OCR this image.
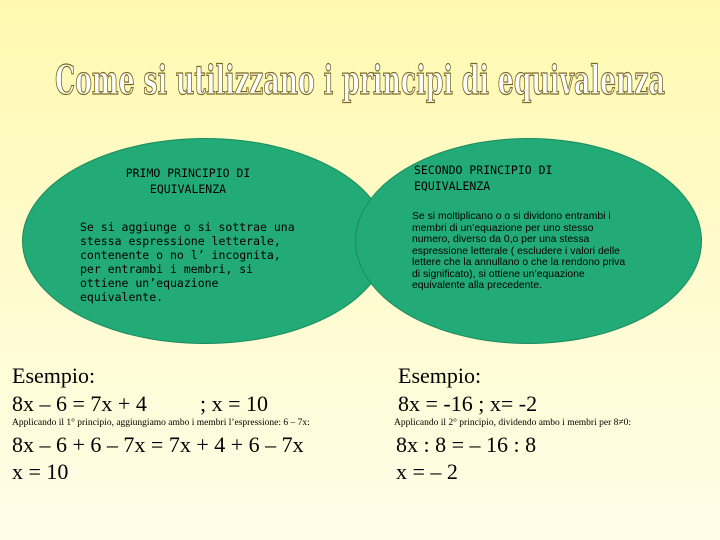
Come si utilizzano i principi di equivalenza
PRIMO PRINCIPIO DI EQUIVALENZA
Se si aggiunge o si sottrae una stessa espressione letterale, contenente o no l’ incognita, per entrambi i membri, si ottiene un’equazione equivalente.
SECONDO PRINCIPIO DI EQUIVALENZA
Se si moltiplicano o o si dividono entrambi i membri di un’equazione per uno stesso numero, diverso da 0,o per una stessa espressione letterale ( escludere i valori delle lettere che la annullano o che la rendono priva di significato), si ottiene un’equazione equivalente alla precedente.
Esempio:
8x – 6 = 7x + 4 ; x = 10
Applicando il 1° principio, aggiungiamo ambo i membri l’espressione: 6 – 7x:
8x – 6 + 6 – 7x = 7x + 4 + 6 – 7x
x = 10
Esempio:
8x = -16 ; x= -2
Applicando il 2° principio, dividendo ambo i membri per 8≠0:
8x : 8 = – 16 : 8
x = – 2
